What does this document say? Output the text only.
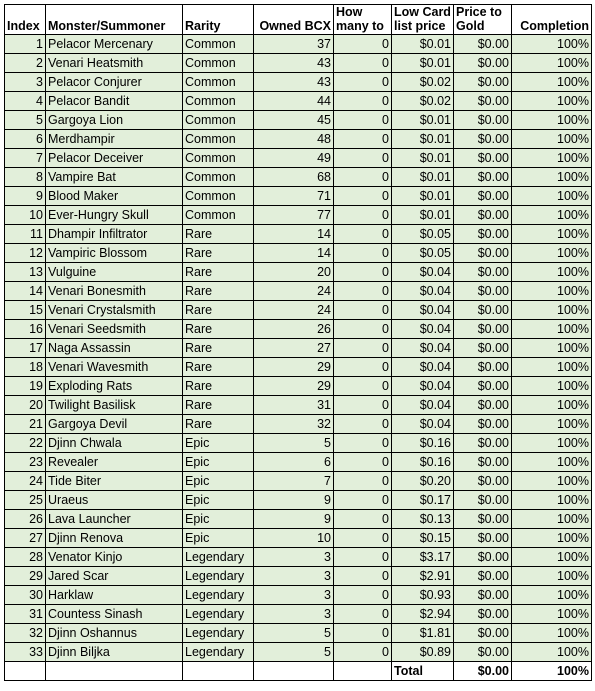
Index	Monster/Summoner	Rarity	Owned BCX	How many to	Low Card list price	Price to Gold	Completion
1	Pelacor Mercenary	Common	37	0	$0.01	$0.00	100%
2	Venari Heatsmith	Common	43	0	$0.01	$0.00	100%
3	Pelacor Conjurer	Common	43	0	$0.02	$0.00	100%
4	Pelacor Bandit	Common	44	0	$0.02	$0.00	100%
5	Gargoya Lion	Common	45	0	$0.01	$0.00	100%
6	Merdhampir	Common	48	0	$0.01	$0.00	100%
7	Pelacor Deceiver	Common	49	0	$0.01	$0.00	100%
8	Vampire Bat	Common	68	0	$0.01	$0.00	100%
9	Blood Maker	Common	71	0	$0.01	$0.00	100%
10	Ever-Hungry Skull	Common	77	0	$0.01	$0.00	100%
11	Dhampir Infiltrator	Rare	14	0	$0.05	$0.00	100%
12	Vampiric Blossom	Rare	14	0	$0.05	$0.00	100%
13	Vulguine	Rare	20	0	$0.04	$0.00	100%
14	Venari Bonesmith	Rare	24	0	$0.04	$0.00	100%
15	Venari Crystalsmith	Rare	24	0	$0.04	$0.00	100%
16	Venari Seedsmith	Rare	26	0	$0.04	$0.00	100%
17	Naga Assassin	Rare	27	0	$0.04	$0.00	100%
18	Venari Wavesmith	Rare	29	0	$0.04	$0.00	100%
19	Exploding Rats	Rare	29	0	$0.04	$0.00	100%
20	Twilight Basilisk	Rare	31	0	$0.04	$0.00	100%
21	Gargoya Devil	Rare	32	0	$0.04	$0.00	100%
22	Djinn Chwala	Epic	5	0	$0.16	$0.00	100%
23	Revealer	Epic	6	0	$0.16	$0.00	100%
24	Tide Biter	Epic	7	0	$0.20	$0.00	100%
25	Uraeus	Epic	9	0	$0.17	$0.00	100%
26	Lava Launcher	Epic	9	0	$0.13	$0.00	100%
27	Djinn Renova	Epic	10	0	$0.15	$0.00	100%
28	Venator Kinjo	Legendary	3	0	$3.17	$0.00	100%
29	Jared Scar	Legendary	3	0	$2.91	$0.00	100%
30	Harklaw	Legendary	3	0	$0.93	$0.00	100%
31	Countess Sinash	Legendary	3	0	$2.94	$0.00	100%
32	Djinn Oshannus	Legendary	5	0	$1.81	$0.00	100%
33	Djinn Biljka	Legendary	5	0	$0.89	$0.00	100%
					Total	$0.00	100%
